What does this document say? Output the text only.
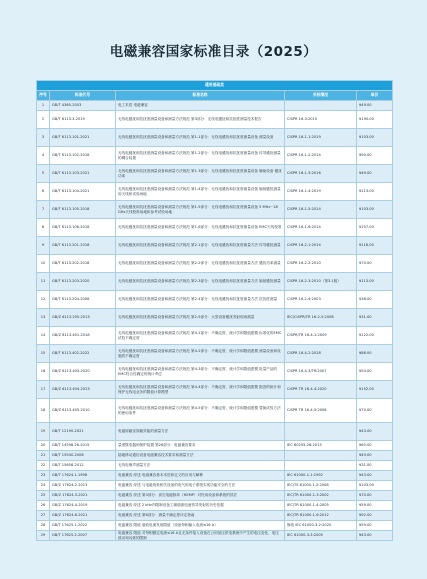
电磁兼容国家标准目录（2025）
通用基础类				
序号	标准代号	标准名称	采标情况	单价
1	GB/T 4365-2003	电工术语 电磁兼容		¥49.00
2	GB/T 6113.3-2019	无线电骚扰和抗扰度测量设备和测量方法规范 第3部分：无线电骚扰和抗扰度测量技术报告	CISPR 16-3:2015	¥190.00
3	GB/T 6113.101-2021	无线电骚扰和抗扰度测量设备和测量方法规范 第1-1部分：无线电骚扰和抗扰度测量设备 测量设备	CISPR 16-1-1:2019	¥103.00
4	GB/T 6113.102-2018	无线电骚扰和抗扰度测量设备和测量方法规范 第1-2部分：无线电骚扰和抗扰度测量设备 传导骚扰测量的耦合装置	CISPR 16-1-2:2014	¥90.00
5	GB/T 6113.103-2021	无线电骚扰和抗扰度测量设备和测量方法规范 第1-3部分：无线电骚扰和抗扰度测量设备 辅助设备 骚扰功率	CISPR 16-1-3:2016	¥49.00
6	GB/T 6113.104-2021	无线电骚扰和抗扰度测量设备和测量方法规范 第1-4部分：无线电骚扰和抗扰度测量设备 辐射骚扰测量用天线和试验场地	CISPR 16-1-4:2019	¥113.00
7	GB/T 6113.105-2018	无线电骚扰和抗扰度测量设备和测量方法规范 第1-5部分：无线电骚扰和抗扰度测量设备 5 MHz~18 GHz天线校准场地和参考试验场地	CISPR 16-1-5:2014	¥103.00
8	GB/T 6113.106-2018	无线电骚扰和抗扰度测量设备和测量方法规范 第1-6部分：无线电骚扰和抗扰度测量设备 EMC天线校准	CISPR 16-1-6:2014	¥157.00
9	GB/T 6113.201-2018	无线电骚扰和抗扰度测量设备和测量方法规范 第2-1部分：无线电骚扰和抗扰度测量方法 传导骚扰测量	CISPR 16-2-1:2014	¥118.00
10	GB/T 6113.202-2018	无线电骚扰和抗扰度测量设备和测量方法规范 第2-2部分：无线电骚扰和抗扰度测量方法 骚扰功率测量	CISPR 16-2-2:2010	¥70.00
11	GB/T 6113.203-2020	无线电骚扰和抗扰度测量设备和测量方法规范 第2-3部分：无线电骚扰和抗扰度测量方法 辐射骚扰测量	CISPR 16-2-3:2010（第3.1版）	¥113.00
12	GB/T 6113.204-2008	无线电骚扰和抗扰度测量设备和测量方法规范 第2-4部分：无线电骚扰和抗扰度测量方法 抗扰度测量	CISPR 16-2-4:2003	¥38.00
13	GB/Z 6113.205-2013	无线电骚扰和抗扰度测量设备和测量方法规范 第2-5部分：大型设备骚扰发射现场测量	IEC/CISPR/TR 16-2-5:2008	¥31.00
14	GB/Z 6113.401-2018	无线电骚扰和抗扰度测量设备和测量方法规范 第4-1部分：不确定度、统计学和限值建模 标准化的EMC试验不确定度	CISPR/TR 16-4-1:2009	¥122.00
15	GB/T 6113.402-2022	无线电骚扰和抗扰度测量设备和测量方法规范 第4-2部分：不确定度、统计学和限值建模 测量设备和设施的不确定度	CISPR 16-4-2:2018	¥86.00
16	GB/Z 6113.403-2020	无线电骚扰和抗扰度测量设备和测量方法规范 第4-3部分：不确定度、统计学和限值建模 批量产品的EMC符合性确定的统计考虑	CISPR 16-4-3/TR:2007	¥54.00
17	GB/Z 6113.404-2023	无线电骚扰和抗扰度测量设备和测量方法规范 第4-4部分：不确定度、统计学和限值建模 抱怨的统计和保护无线电业务的限值计算模型	CISPR TR 16-4-4:2020	¥152.00
18	GB/Z 6113.405-2010	无线电骚扰和抗扰度测量设备和测量方法规范 第4-5部分：不确定度、统计学和限值建模 替换试验方法的使用条件	CISPR TR 16-4-5:2006	¥70.00
19	GB/T 12190-2021	电磁屏蔽室屏蔽效能的测量方法		¥43.00
20	GB/T 14598.26-2015	量度继电器和保护装置 第26部分：电磁兼容要求	IEC 60255-26:2013	¥65.00
21	GB/T 15540-2006	陆地移动通信设备电磁兼容技术要求和测量方法		¥49.00
22	GB/T 15658-2012	无线电噪声测量方法		¥31.00
23	GB/T 17624.1-1998	电磁兼容 综述 电磁兼容基本术语和定义的应用与解释	IEC 61000-1-1:1992	¥43.00
24	GB/Z 17624.2-2013	电磁兼容 综述 与电磁现象相关设备的电气和电子系统实现功能安全的方法	IEC/TS 61000-1-2:2008	¥103.00
25	GB/Z 17624.3-2021	电磁兼容 综述 第3部分：高空电磁脉冲（HEMP）对民用设备和系统的效应	IEC/TR 61000-1-3:2002	¥70.00
26	GB/Z 17624.4-2019	电磁兼容 综述 2 kHz内限制设备工频谐波电流传导发射的历史依据	IEC/TR 61000-1-4:2005	¥59.00
27	GB/Z 17624.6-2021	电磁兼容 综述 第6部分：测量不确定度评定指南	IEC/TR 61000-1-6:2012	¥92.00
28	GB/T 17625.1-2022	电磁兼容 限值 谐波电流发射限值（设备每相输入电流≤16 A）	修改 IEC 61000-3-2:2020	¥59.00
29	GB/T 17625.2-2007	电磁兼容 限值 对每相额定电流≤16 A且无条件接入设备在公用低压供电系统中产生的电压变化、电压波动和闪烁的限制	IEC 61000-3-3:2005	¥43.00
